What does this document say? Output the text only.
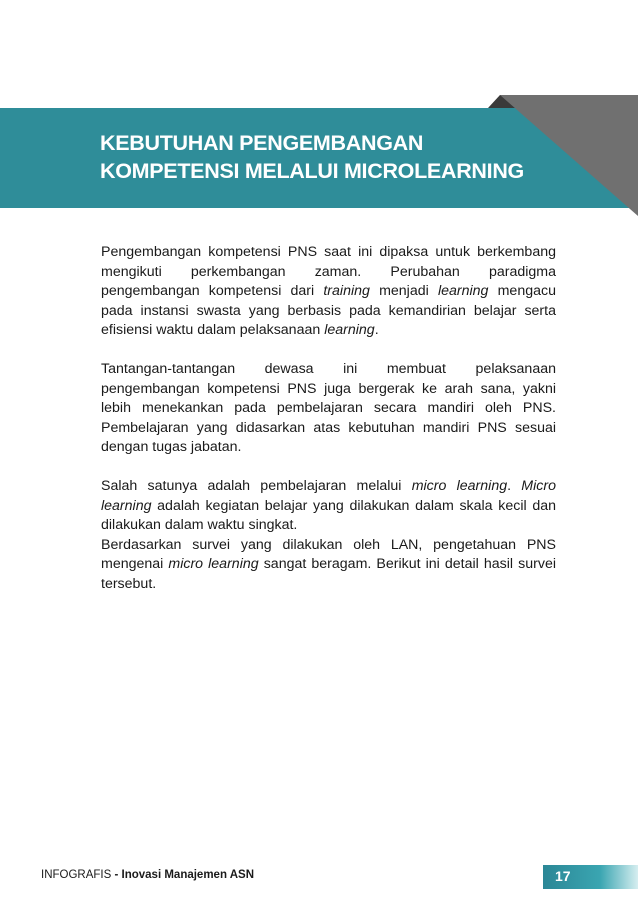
KEBUTUHAN PENGEMBANGAN
KOMPETENSI MELALUI MICROLEARNING

Pengembangan kompetensi PNS saat ini dipaksa untuk berkembang mengikuti perkembangan zaman. Perubahan paradigma pengembangan kompetensi dari training menjadi learning mengacu pada instansi swasta yang berbasis pada kemandirian belajar serta efisiensi waktu dalam pelaksanaan learning.

Tantangan-tantangan dewasa ini membuat pelaksanaan pengembangan kompetensi PNS juga bergerak ke arah sana, yakni lebih menekankan pada pembelajaran secara mandiri oleh PNS. Pembelajaran yang didasarkan atas kebutuhan mandiri PNS sesuai dengan tugas jabatan.

Salah satunya adalah pembelajaran melalui micro learning. Micro learning adalah kegiatan belajar yang dilakukan dalam skala kecil dan dilakukan dalam waktu singkat.

Berdasarkan survei yang dilakukan oleh LAN, pengetahuan PNS mengenai micro learning sangat beragam. Berikut ini detail hasil survei tersebut.

INFOGRAFIS - Inovasi Manajemen ASN	17
